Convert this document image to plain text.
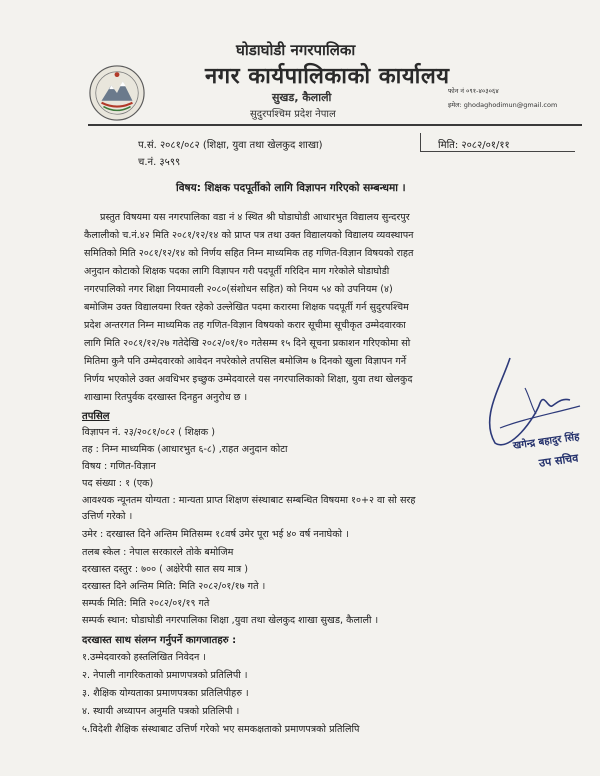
घोडाघोडी नगरपालिका
नगर कार्यपालिकाको कार्यालय
सुखड, कैलाली
सुदुरपश्चिम प्रदेश नेपाल
फोन नं ०९१-४०३०६४
इमेल: ghodaghodimun@gmail.com
प.सं. २०८१/०८२ (शिक्षा, युवा तथा खेलकुद शाखा)
च.नं. ३५९९
मिति: २०८२/०१/११
विषय: शिक्षक पदपूर्तीको लागि विज्ञापन गरिएको सम्बन्धमा ।
प्रस्तुत विषयमा यस नगरपालिका वडा नं ४ स्थित श्री घोडाघोडी आधारभुत विद्यालय सुन्दरपुर
कैलालीको च.नं.४२ मिति २०८१/१२/१४ को प्राप्त पत्र तथा उक्त विद्यालयको विद्यालय व्यवस्थापन
समितिको मिति २०८१/१२/१४ को निर्णय सहित निम्न माध्यमिक तह गणित-विज्ञान विषयको राहत
अनुदान कोटाको शिक्षक पदका लागि विज्ञापन गरी पदपूर्ती गरिदिन माग गरेकोले घोडाघोडी
नगरपालिको नगर शिक्षा नियमावली २०८०(संशोधन सहित) को नियम ५४ को उपनियम (४)
बमोजिम उक्त विद्यालयमा रिक्त रहेको उल्लेखित पदमा करारमा शिक्षक पदपूर्ती गर्न सुदुरपश्चिम
प्रदेश अन्तरगत निम्न माध्यमिक तह गणित-विज्ञान विषयको करार सूचीमा सूचीकृत उम्मेदवारका
लागि मिति २०८१/१२/२७ गतेदेखि २०८२/०१/१० गतेसम्म १५ दिने सूचना प्रकाशन गरिएकोमा सो
मितिमा कुनै पनि उम्मेदवारको आवेदन नपरेकोले तपसिल बमोजिम ७ दिनको खुला विज्ञापन गर्ने
निर्णय भएकोले उक्त अवधिभर इच्छुक उम्मेदवारले यस नगरपालिकाको शिक्षा, युवा तथा खेलकुद
शाखामा रितपुर्वक दरखास्त दिनहुन अनुरोध छ ।
खगेन्द्र बहादुर सिंह
उप सचिव
तपसिल
विज्ञापन नं. २३/२०८१/०८२ ( शिक्षक )
तह : निम्न माध्यमिक (आधारभुत ६-८) ,राहत अनुदान कोटा
विषय : गणित-विज्ञान
पद संख्या : १ (एक)
आवश्यक न्यूनतम योग्यता : मान्यता प्राप्त शिक्षण संस्थाबाट सम्बन्धित विषयमा १०+२ वा सो सरह
उत्तिर्ण गरेको ।
उमेर : दरखास्त दिने अन्तिम मितिसम्म १८वर्ष उमेर पूरा भई ४० वर्ष ननाघेको ।
तलब स्केल : नेपाल सरकारले तोके बमोजिम
दरखास्त दस्तुर : ७०० ( अक्षेरेपी सात सय मात्र )
दरखास्त दिने अन्तिम मिति: मिति २०८२/०१/१७ गते ।
सम्पर्क मिति: मिति २०८२/०१/१९ गते
सम्पर्क स्थान: घोडाघोडी नगरपालिका शिक्षा ,युवा तथा खेलकुद शाखा सुखड, कैलाली ।
दरखास्त साथ संलग्न गर्नुपर्ने कागजातहरु :
१.उम्मेदवारको हस्तलिखित निवेदन ।
२. नेपाली नागरिकताको प्रमाणपत्रको प्रतिलिपी ।
३. शैक्षिक योग्यताका प्रमाणपत्रका प्रतिलिपीहरु ।
४. स्थायी अध्यापन अनुमति पत्रको प्रतिलिपी ।
५.विदेशी शैक्षिक संस्थाबाट उत्तिर्ण गरेको भए समकक्षताको प्रमाणपत्रको प्रतिलिपि
